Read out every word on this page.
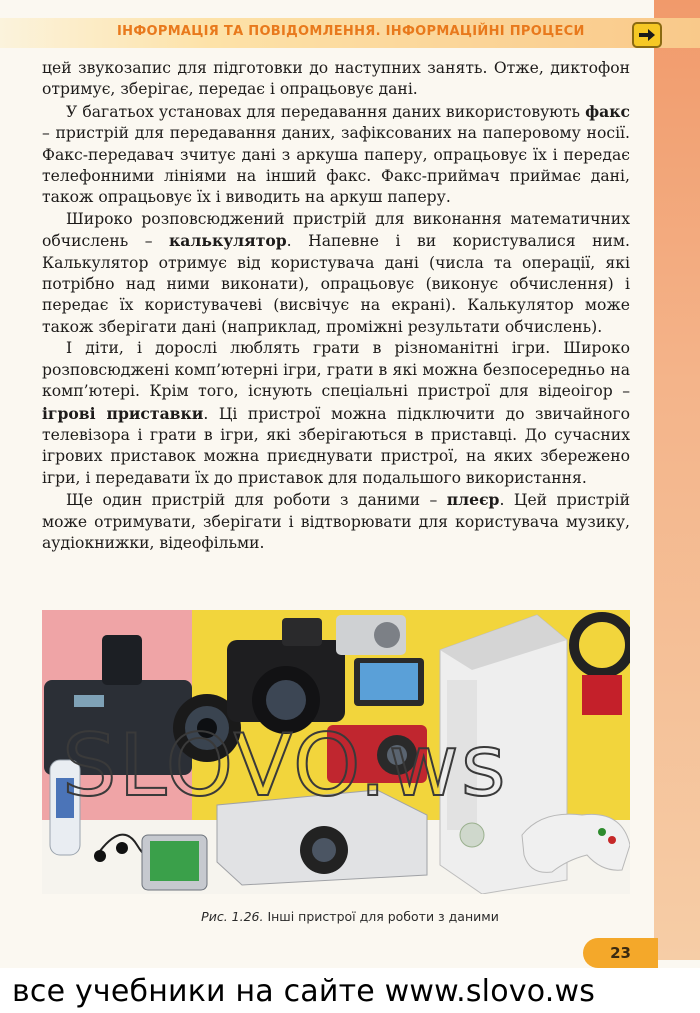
ІНФОРМАЦІЯ ТА ПОВІДОМЛЕННЯ. ІНФОРМАЦІЙНІ ПРОЦЕСИ

цей звукозапис для підготовки до наступних занять. Отже, диктофон отримує, зберігає, передає і опрацьовує дані.

У багатьох установах для передавання даних використовують факс – пристрій для передавання даних, зафіксованих на паперовому носії. Факс-передавач зчитує дані з аркуша паперу, опрацьовує їх і передає телефонними лініями на інший факс. Факс-приймач приймає дані, також опрацьовує їх і виводить на аркуш паперу.

Широко розповсюджений пристрій для виконання математичних обчислень – калькулятор. Напевне і ви користувалися ним. Калькулятор отримує від користувача дані (числа та операції, які потрібно над ними виконати), опрацьовує (виконує обчислення) і передає їх користувачеві (висвічує на екрані). Калькулятор може також зберігати дані (наприклад, проміжні результати обчислень).

І діти, і дорослі люблять грати в різноманітні ігри. Широко розповсюджені комп’ютерні ігри, грати в які можна безпосередньо на комп’ютері. Крім того, існують спеціальні пристрої для відеоігор – ігрові приставки. Ці пристрої можна підключити до звичайного телевізора і грати в ігри, які зберігаються в приставці. До сучасних ігрових приставок можна приєднувати пристрої, на яких збережено ігри, і передавати їх до приставок для подальшого використання.

Ще один пристрій для роботи з даними – плеєр. Цей пристрій може отримувати, зберігати і відтворювати для користувача музику, аудіокнижки, відеофільми.

SLOVO.ws
Рис. 1.26. Інші пристрої для роботи з даними
23
все учебники на сайте www.slovo.ws
